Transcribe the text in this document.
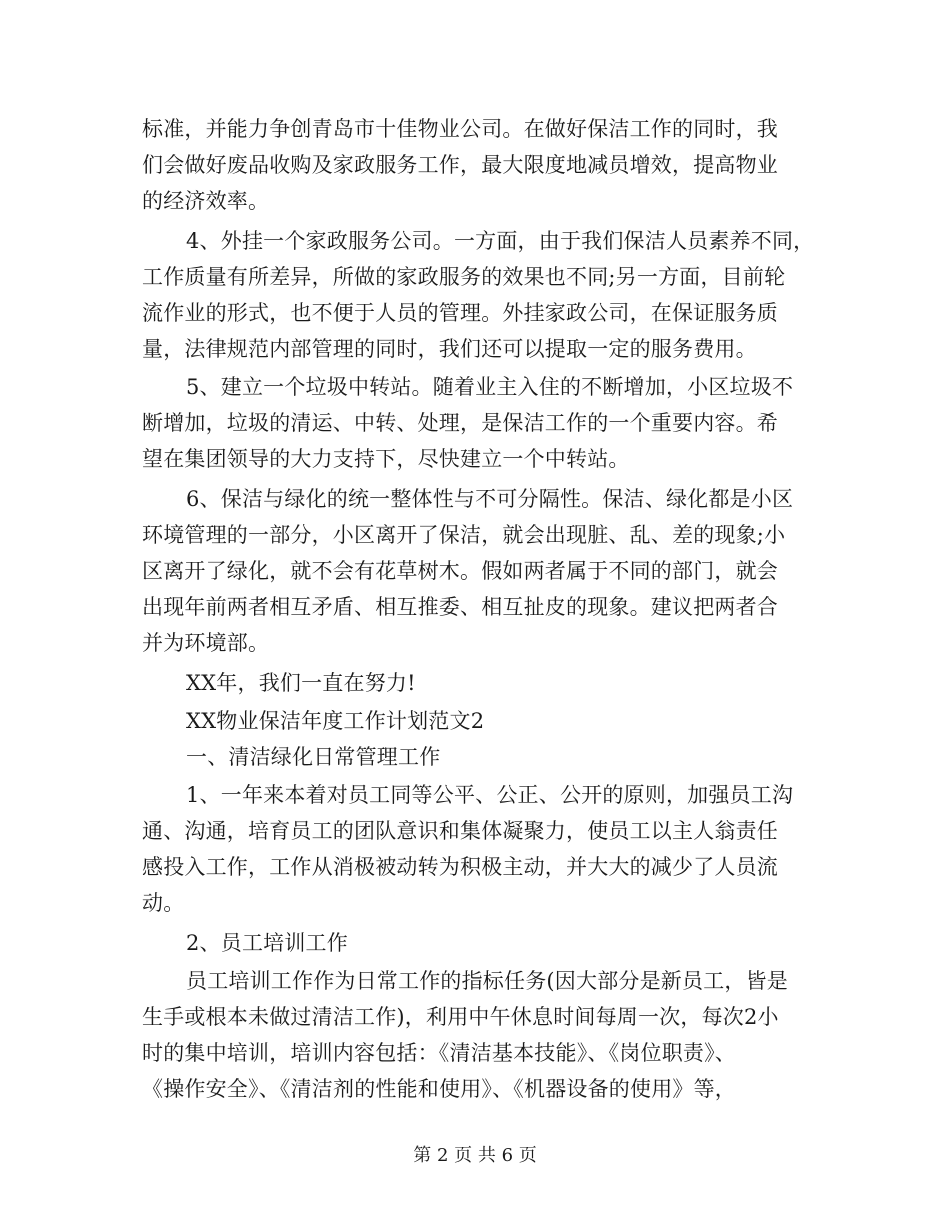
标准，并能力争创青岛市十佳物业公司。在做好保洁工作的同时，我
们会做好废品收购及家政服务工作，最大限度地减员增效，提高物业
的经济效率。
4、外挂一个家政服务公司。一方面，由于我们保洁人员素养不同，
工作质量有所差异，所做的家政服务的效果也不同;另一方面，目前轮
流作业的形式，也不便于人员的管理。外挂家政公司，在保证服务质
量，法律规范内部管理的同时，我们还可以提取一定的服务费用。
5、建立一个垃圾中转站。随着业主入住的不断增加，小区垃圾不
断增加，垃圾的清运、中转、处理，是保洁工作的一个重要内容。希
望在集团领导的大力支持下，尽快建立一个中转站。
6、保洁与绿化的统一整体性与不可分隔性。保洁、绿化都是小区
环境管理的一部分，小区离开了保洁，就会出现脏、乱、差的现象;小
区离开了绿化，就不会有花草树木。假如两者属于不同的部门，就会
出现年前两者相互矛盾、相互推委、相互扯皮的现象。建议把两者合
并为环境部。
XX年，我们一直在努力!
XX物业保洁年度工作计划范文2
一、清洁绿化日常管理工作
1、一年来本着对员工同等公平、公正、公开的原则，加强员工沟
通、沟通，培育员工的团队意识和集体凝聚力，使员工以主人翁责任
感投入工作，工作从消极被动转为积极主动，并大大的减少了人员流
动。
2、员工培训工作
员工培训工作作为日常工作的指标任务(因大部分是新员工，皆是
生手或根本未做过清洁工作)，利用中午休息时间每周一次，每次2小
时的集中培训，培训内容包括：《清洁基本技能》、《岗位职责》、
《操作安全》、《清洁剂的性能和使用》、《机器设备的使用》等，
第 2 页 共 6 页
